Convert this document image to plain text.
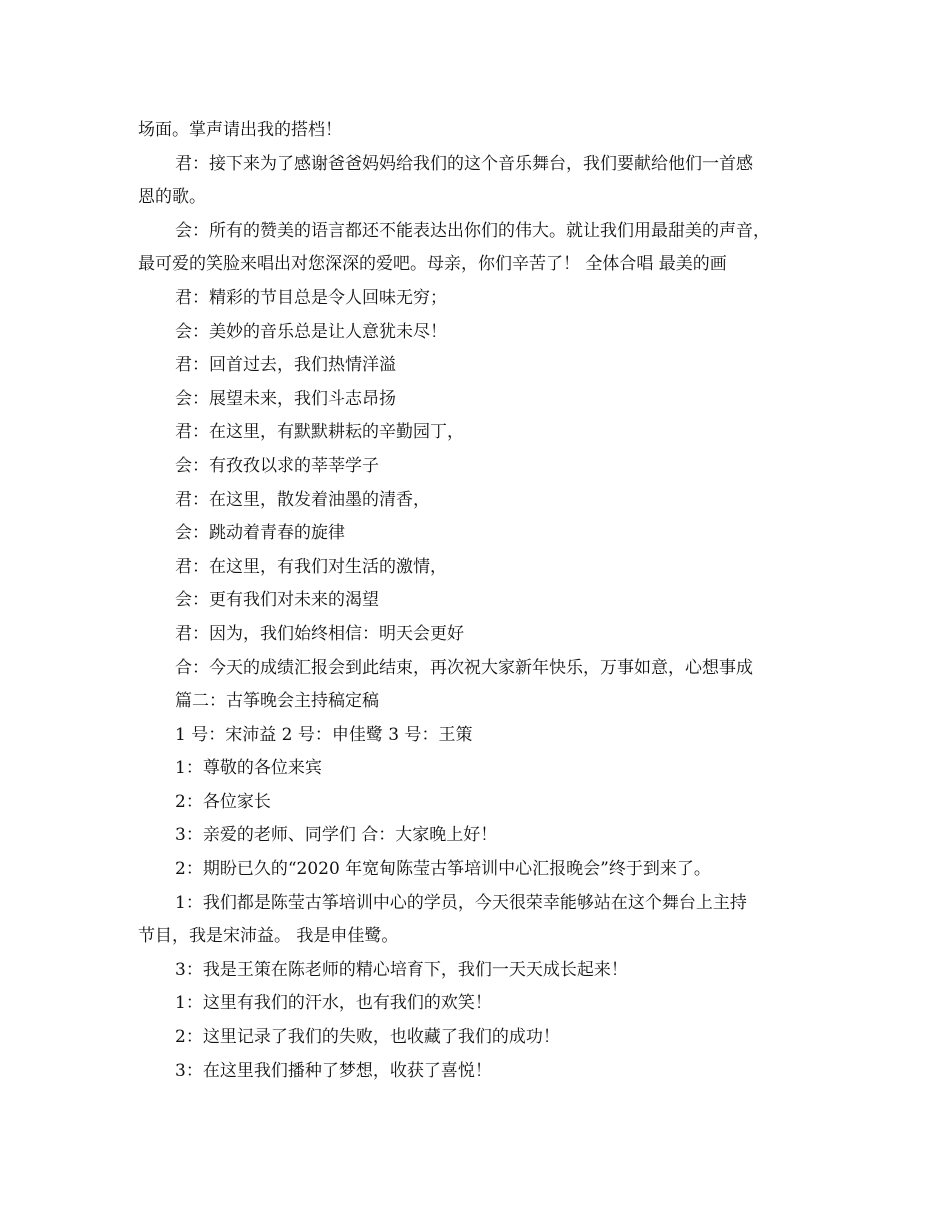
场面。掌声请出我的搭档！
君：接下来为了感谢爸爸妈妈给我们的这个音乐舞台，我们要献给他们一首感
恩的歌。
会：所有的赞美的语言都还不能表达出你们的伟大。就让我们用最甜美的声音，
最可爱的笑脸来唱出对您深深的爱吧。母亲，你们辛苦了！ 全体合唱 最美的画
君：精彩的节目总是令人回味无穷；
会：美妙的音乐总是让人意犹未尽！
君：回首过去，我们热情洋溢
会：展望未来，我们斗志昂扬
君：在这里，有默默耕耘的辛勤园丁，
会：有孜孜以求的莘莘学子
君：在这里，散发着油墨的清香，
会：跳动着青春的旋律
君：在这里，有我们对生活的激情，
会：更有我们对未来的渴望
君：因为，我们始终相信：明天会更好
合：今天的成绩汇报会到此结束，再次祝大家新年快乐，万事如意，心想事成
篇二：古筝晚会主持稿定稿
1 号：宋沛益 2 号：申佳鹭 3 号：王策
1：尊敬的各位来宾
2：各位家长
3：亲爱的老师、同学们 合：大家晚上好！
2：期盼已久的“2020 年宽甸陈莹古筝培训中心汇报晚会”终于到来了。
1：我们都是陈莹古筝培训中心的学员，今天很荣幸能够站在这个舞台上主持
节目，我是宋沛益。 我是申佳鹭。
3：我是王策在陈老师的精心培育下，我们一天天成长起来！
1：这里有我们的汗水，也有我们的欢笑！
2：这里记录了我们的失败，也收藏了我们的成功！
3：在这里我们播种了梦想，收获了喜悦！
